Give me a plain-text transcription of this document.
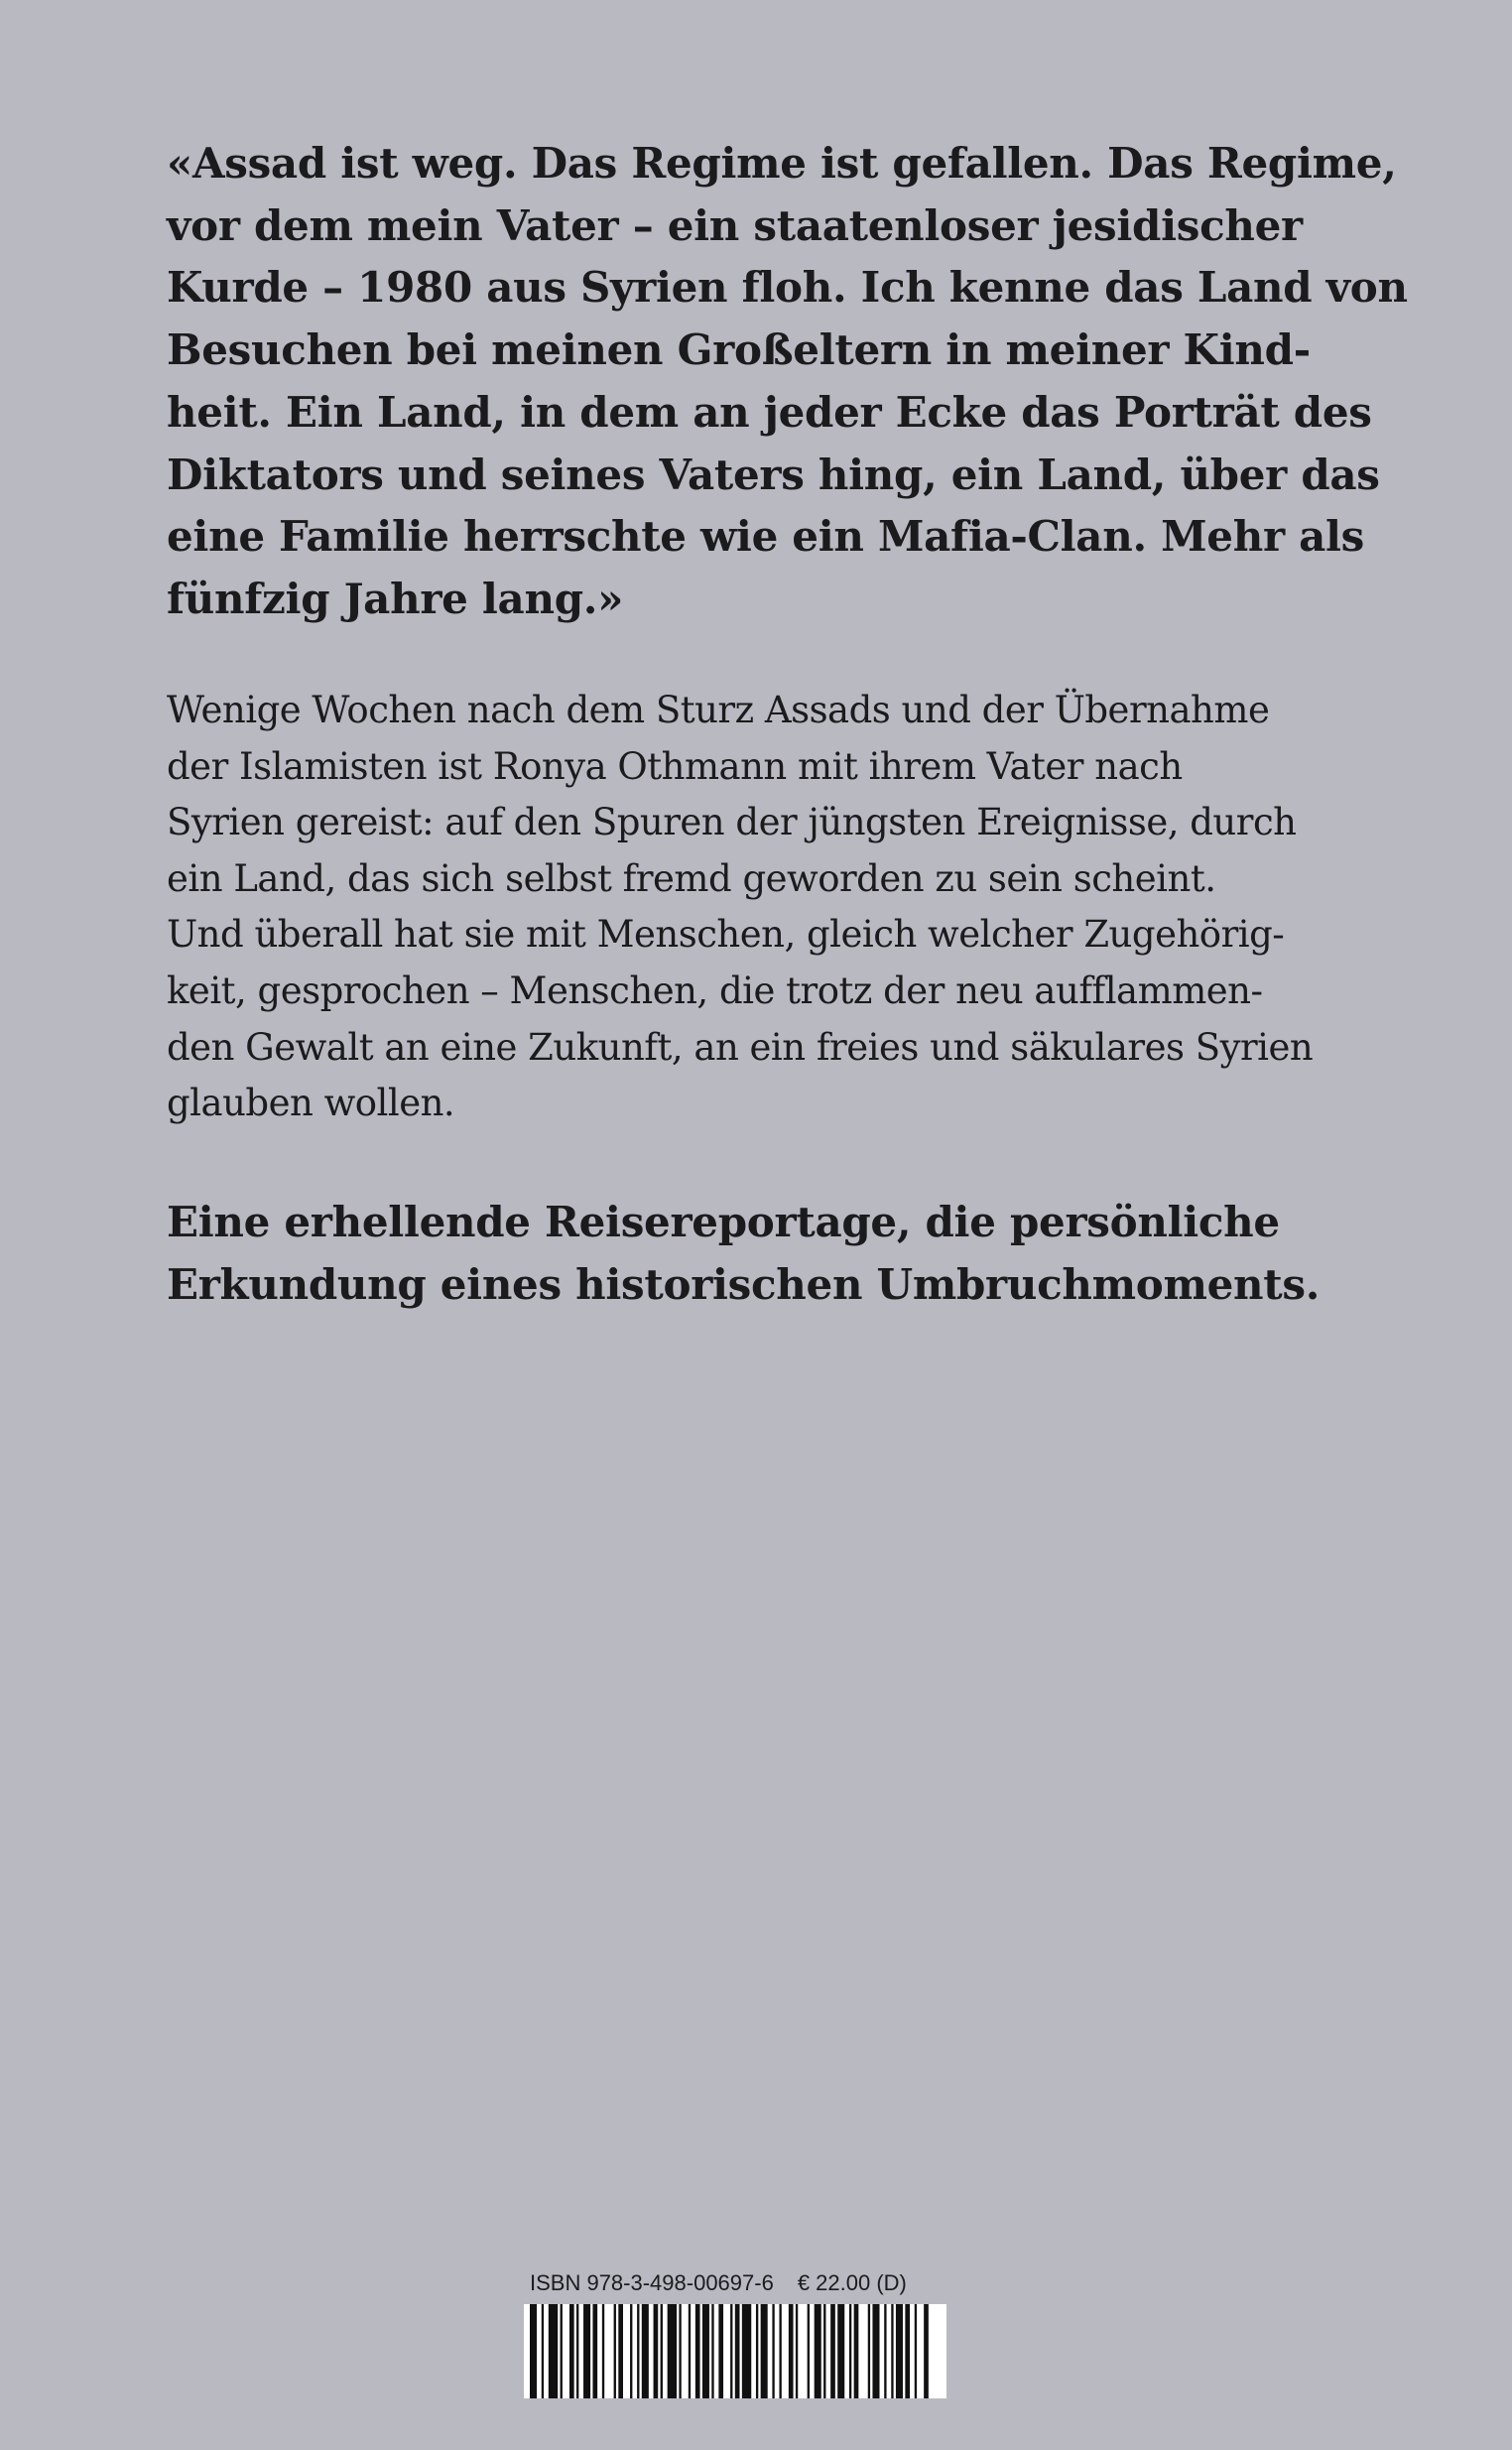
«Assad ist weg. Das Regime ist gefallen. Das Regime,
vor dem mein Vater – ein staatenloser jesidischer
Kurde – 1980 aus Syrien floh. Ich kenne das Land von
Besuchen bei meinen Großeltern in meiner Kind-
heit. Ein Land, in dem an jeder Ecke das Porträt des
Diktators und seines Vaters hing, ein Land, über das
eine Familie herrschte wie ein Mafia-Clan. Mehr als
fünfzig Jahre lang.»

Wenige Wochen nach dem Sturz Assads und der Übernahme
der Islamisten ist Ronya Othmann mit ihrem Vater nach
Syrien gereist: auf den Spuren der jüngsten Ereignisse, durch
ein Land, das sich selbst fremd geworden zu sein scheint.
Und überall hat sie mit Menschen, gleich welcher Zugehörig-
keit, gesprochen – Menschen, die trotz der neu aufflammen-
den Gewalt an eine Zukunft, an ein freies und säkulares Syrien
glauben wollen.

Eine erhellende Reisereportage, die persönliche
Erkundung eines historischen Umbruchmoments.

ISBN 978-3-498-00697-6 € 22.00 (D)
